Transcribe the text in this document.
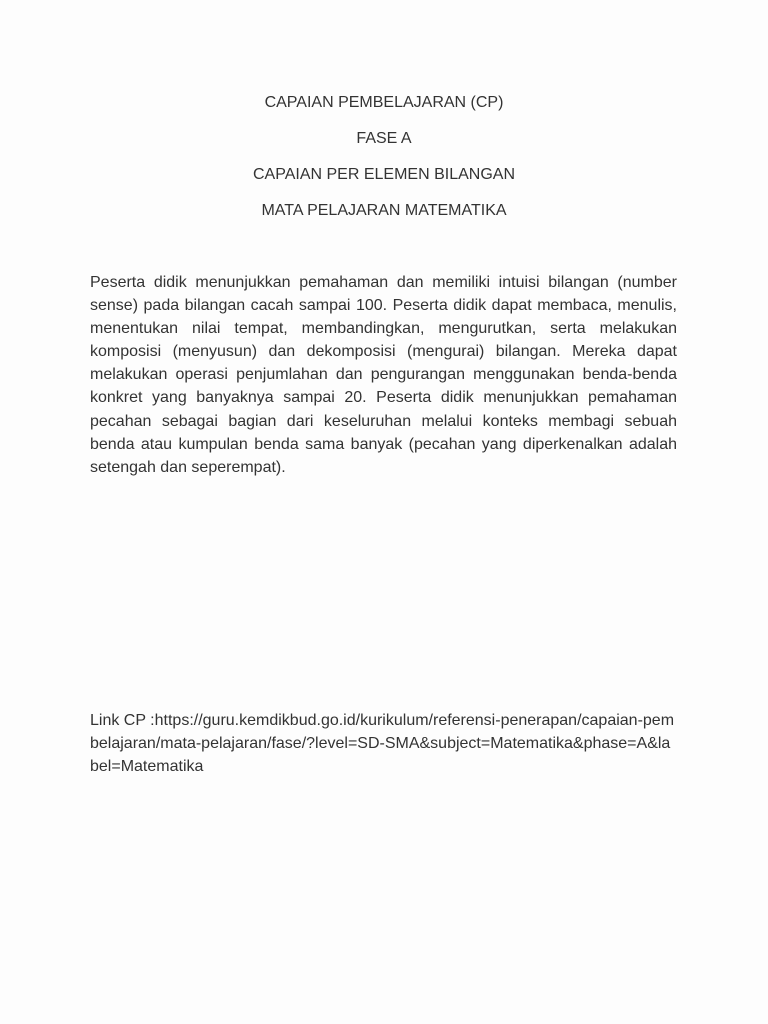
CAPAIAN PEMBELAJARAN (CP)

FASE A

CAPAIAN PER ELEMEN BILANGAN

MATA PELAJARAN MATEMATIKA

Peserta didik menunjukkan pemahaman dan memiliki intuisi bilangan (number sense) pada bilangan cacah sampai 100. Peserta didik dapat membaca, menulis, menentukan nilai tempat, membandingkan, mengurutkan, serta melakukan komposisi (menyusun) dan dekomposisi (mengurai) bilangan. Mereka dapat melakukan operasi penjumlahan dan pengurangan menggunakan benda-benda konkret yang banyaknya sampai 20. Peserta didik menunjukkan pemahaman pecahan sebagai bagian dari keseluruhan melalui konteks membagi sebuah benda atau kumpulan benda sama banyak (pecahan yang diperkenalkan adalah setengah dan seperempat).

Link CP :https://guru.kemdikbud.go.id/kurikulum/referensi-penerapan/capaian-pembelajaran/mata-pelajaran/fase/?level=SD-SMA&subject=Matematika&phase=A&label=Matematika
